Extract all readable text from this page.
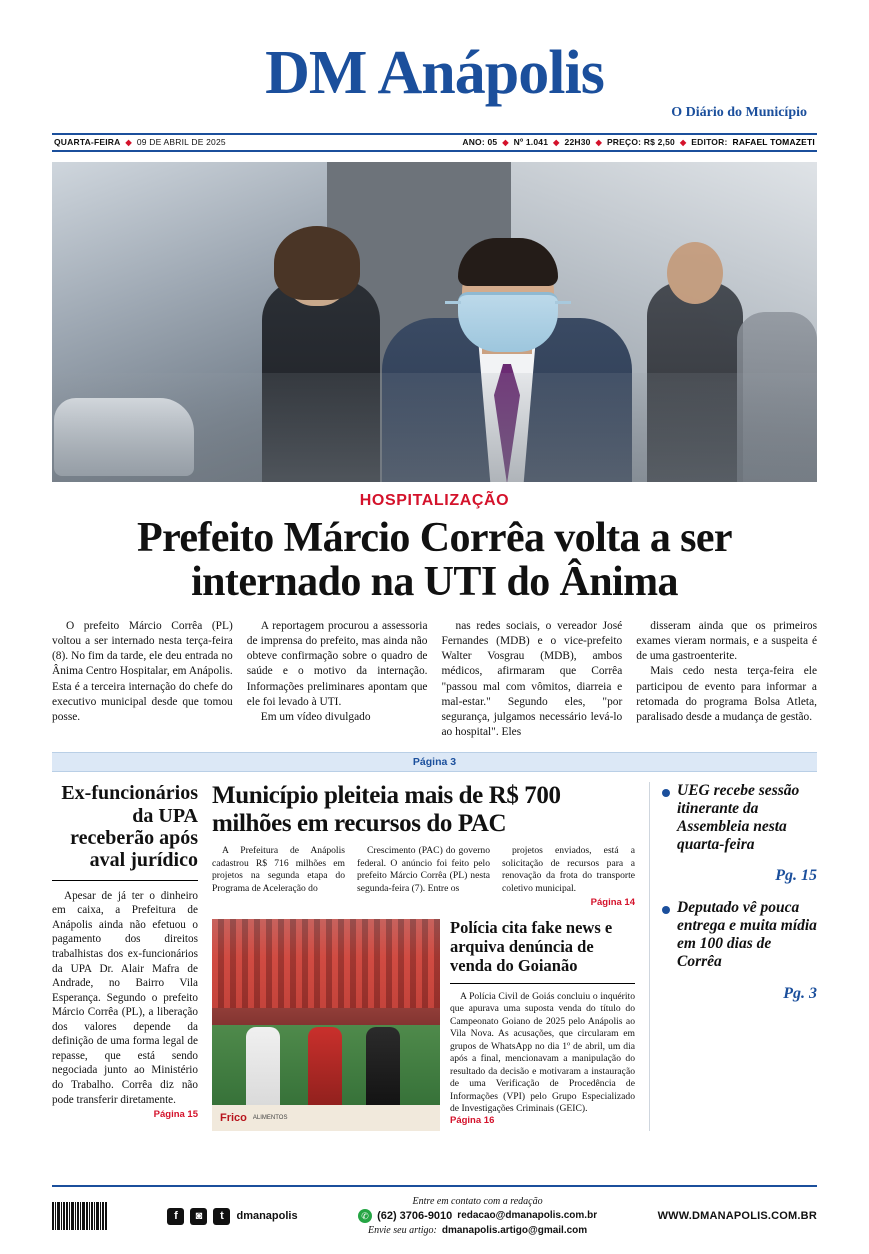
DM Anápolis
O Diário do Município
QUARTA-FEIRA ◆ 09 DE ABRIL DE 2025	ANO: 05 ◆ Nº 1.041 ◆ 22H30 ◆ PREÇO: R$ 2,50 ◆ EDITOR: RAFAEL TOMAZETI
HOSPITALIZAÇÃO
Prefeito Márcio Corrêa volta a ser internado na UTI do Ânima

O prefeito Márcio Corrêa (PL) voltou a ser internado nesta terça-feira (8). No fim da tarde, ele deu entrada no Ânima Centro Hospitalar, em Anápolis. Esta é a terceira internação do chefe do executivo municipal desde que tomou posse.

A reportagem procurou a assessoria de imprensa do prefeito, mas ainda não obteve confirmação sobre o quadro de saúde e o motivo da internação. Informações preliminares apontam que ele foi levado à UTI.
Em um vídeo divulgado

nas redes sociais, o vereador José Fernandes (MDB) e o vice-prefeito Walter Vosgrau (MDB), ambos médicos, afirmaram que Corrêa "passou mal com vômitos, diarreia e mal-estar." Segundo eles, "por segurança, julgamos necessário levá-lo ao hospital". Eles

disseram ainda que os primeiros exames vieram normais, e a suspeita é de uma gastroenterite.
Mais cedo nesta terça-feira ele participou de evento para informar a retomada do programa Bolsa Atleta, paralisado desde a mudança de gestão.

Página 3
Ex-funcionários da UPA receberão após aval jurídico

Apesar de já ter o dinheiro em caixa, a Prefeitura de Anápolis ainda não efetuou o pagamento dos direitos trabalhistas dos ex-funcionários da UPA Dr. Alair Mafra de Andrade, no Bairro Vila Esperança. Segundo o prefeito Márcio Corrêa (PL), a liberação dos valores depende da definição de uma forma legal de repasse, que está sendo negociada junto ao Ministério do Trabalho. Corrêa diz não pode transferir diretamente.

Página 15
Município pleiteia mais de R$ 700 milhões em recursos do PAC

A Prefeitura de Anápolis cadastrou R$ 716 milhões em projetos na segunda etapa do Programa de Aceleração do

Crescimento (PAC) do governo federal. O anúncio foi feito pelo prefeito Márcio Corrêa (PL) nesta segunda-feira (7). Entre os

projetos enviados, está a solicitação de recursos para a renovação da frota do transporte coletivo municipal.

Página 14
Frico ALIMENTOS
Polícia cita fake news e arquiva denúncia de venda do Goianão

A Polícia Civil de Goiás concluiu o inquérito que apurava uma suposta venda do título do Campeonato Goiano de 2025 pelo Anápolis ao Vila Nova. As acusações, que circularam em grupos de WhatsApp no dia 1º de abril, um dia após a final, mencionavam a manipulação do resultado da decisão e motivaram a instauração de uma Verificação de Procedência de Informações (VPI) pelo Grupo Especializado de Investigações Criminais (GEIC).

Página 16
UEG recebe sessão itinerante da Assembleia nesta quarta-feira
Pg. 15
Deputado vê pouca entrega e muita mídia em 100 dias de Corrêa
Pg. 3
f	◙	t	dmanapolis
Entre em contato com a redação
✆ (62) 3706-9010 redacao@dmanapolis.com.br
Envie seu artigo: dmanapolis.artigo@gmail.com
WWW.DMANAPOLIS.COM.BR
